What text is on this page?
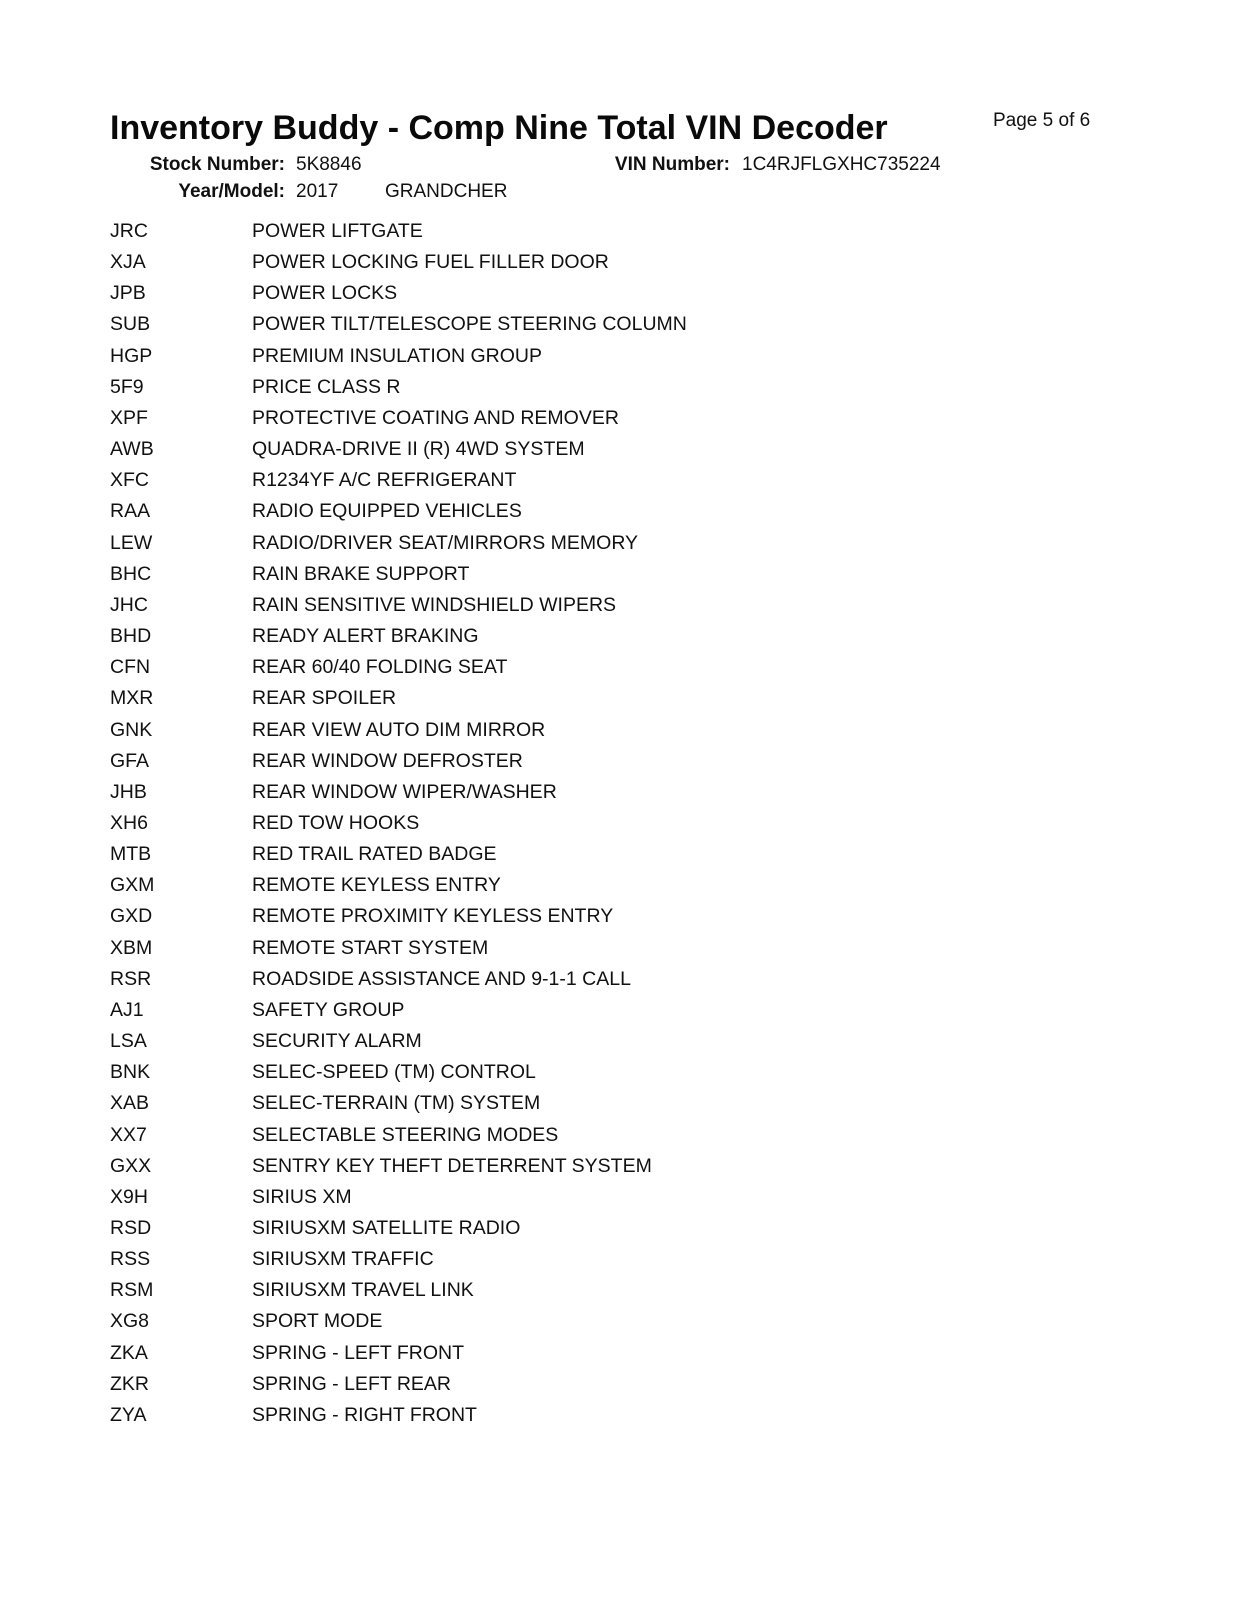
Inventory Buddy - Comp Nine Total VIN Decoder	Page 5 of 6
Stock Number: 5K8846
Year/Model: 2017 GRANDCHER
VIN Number: 1C4RJFLGXHC735224
JRC	POWER LIFTGATE
XJA	POWER LOCKING FUEL FILLER DOOR
JPB	POWER LOCKS
SUB	POWER TILT/TELESCOPE STEERING COLUMN
HGP	PREMIUM INSULATION GROUP
5F9	PRICE CLASS R
XPF	PROTECTIVE COATING AND REMOVER
AWB	QUADRA-DRIVE II (R) 4WD SYSTEM
XFC	R1234YF A/C REFRIGERANT
RAA	RADIO EQUIPPED VEHICLES
LEW	RADIO/DRIVER SEAT/MIRRORS MEMORY
BHC	RAIN BRAKE SUPPORT
JHC	RAIN SENSITIVE WINDSHIELD WIPERS
BHD	READY ALERT BRAKING
CFN	REAR 60/40 FOLDING SEAT
MXR	REAR SPOILER
GNK	REAR VIEW AUTO DIM MIRROR
GFA	REAR WINDOW DEFROSTER
JHB	REAR WINDOW WIPER/WASHER
XH6	RED TOW HOOKS
MTB	RED TRAIL RATED BADGE
GXM	REMOTE KEYLESS ENTRY
GXD	REMOTE PROXIMITY KEYLESS ENTRY
XBM	REMOTE START SYSTEM
RSR	ROADSIDE ASSISTANCE AND 9-1-1 CALL
AJ1	SAFETY GROUP
LSA	SECURITY ALARM
BNK	SELEC-SPEED (TM) CONTROL
XAB	SELEC-TERRAIN (TM) SYSTEM
XX7	SELECTABLE STEERING MODES
GXX	SENTRY KEY THEFT DETERRENT SYSTEM
X9H	SIRIUS XM
RSD	SIRIUSXM SATELLITE RADIO
RSS	SIRIUSXM TRAFFIC
RSM	SIRIUSXM TRAVEL LINK
XG8	SPORT MODE
ZKA	SPRING - LEFT FRONT
ZKR	SPRING - LEFT REAR
ZYA	SPRING - RIGHT FRONT
